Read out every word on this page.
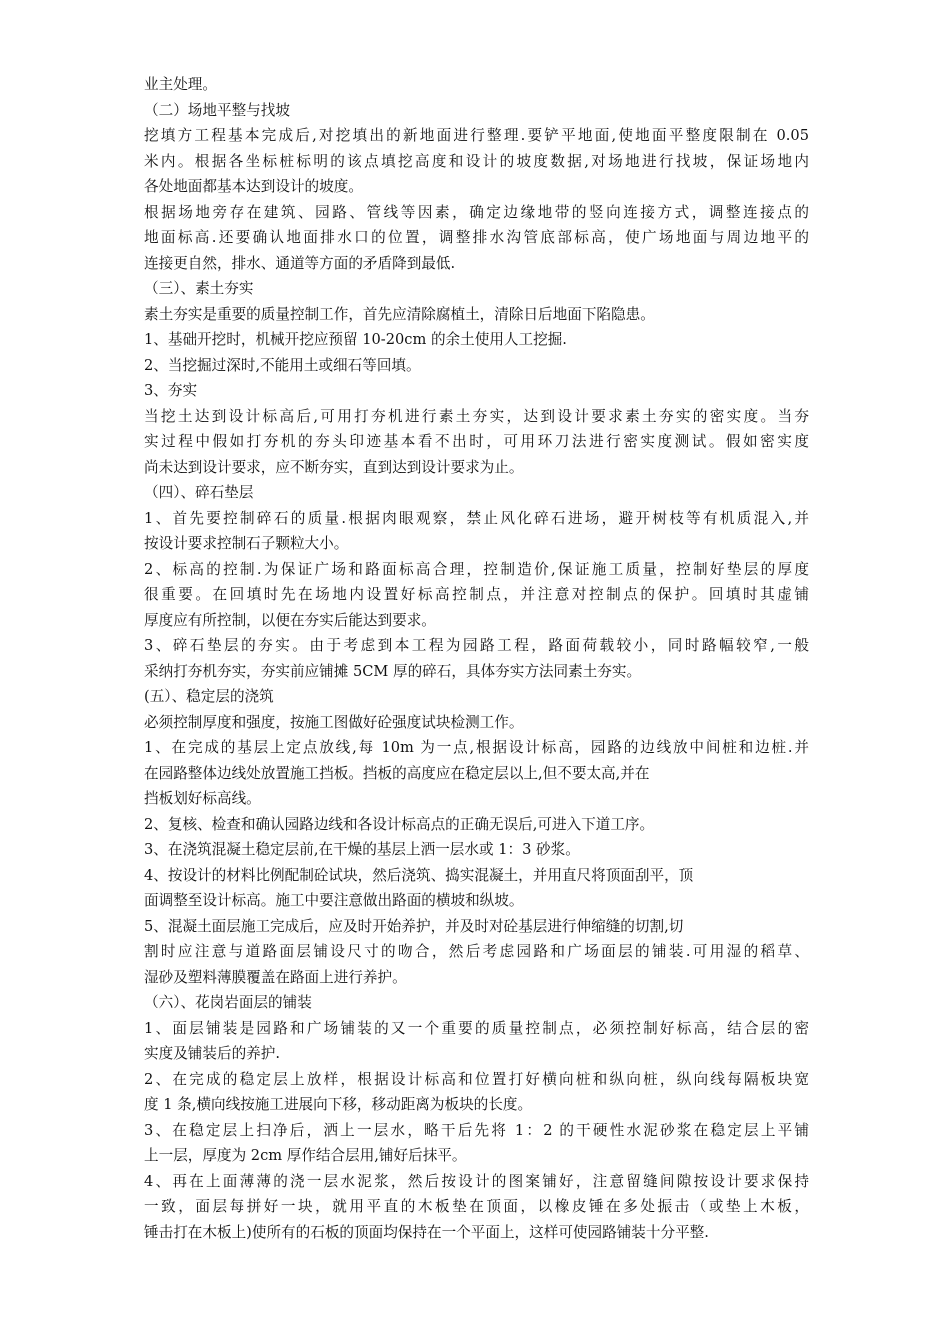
业主处理。
（二）场地平整与找坡
挖填方工程基本完成后,对挖填出的新地面进行整理.要铲平地面,使地面平整度限制在 0.05
米内。根据各坐标桩标明的该点填挖高度和设计的坡度数据,对场地进行找坡，保证场地内
各处地面都基本达到设计的坡度。
根据场地旁存在建筑、园路、管线等因素，确定边缘地带的竖向连接方式，调整连接点的
地面标高.还要确认地面排水口的位置，调整排水沟管底部标高，使广场地面与周边地平的
连接更自然，排水、通道等方面的矛盾降到最低.
（三）、素土夯实
素土夯实是重要的质量控制工作，首先应清除腐植土，清除日后地面下陷隐患。
1、基础开挖时，机械开挖应预留 10-20cm 的余土使用人工挖掘.
2、当挖掘过深时,不能用土或细石等回填。
3、夯实
当挖土达到设计标高后,可用打夯机进行素土夯实，达到设计要求素土夯实的密实度。当夯
实过程中假如打夯机的夯头印迹基本看不出时，可用环刀法进行密实度测试。假如密实度
尚未达到设计要求，应不断夯实，直到达到设计要求为止。
（四）、碎石垫层
1、首先要控制碎石的质量.根据肉眼观察，禁止风化碎石进场，避开树枝等有机质混入,并
按设计要求控制石子颗粒大小。
2、标高的控制.为保证广场和路面标高合理，控制造价,保证施工质量，控制好垫层的厚度
很重要。在回填时先在场地内设置好标高控制点，并注意对控制点的保护。回填时其虚铺
厚度应有所控制，以便在夯实后能达到要求。
3、碎石垫层的夯实。由于考虑到本工程为园路工程，路面荷载较小，同时路幅较窄,一般
采纳打夯机夯实，夯实前应铺摊 5CM 厚的碎石，具体夯实方法同素土夯实。
(五）、稳定层的浇筑
必须控制厚度和强度，按施工图做好砼强度试块检测工作。
1、在完成的基层上定点放线,每 10m 为一点,根据设计标高，园路的边线放中间桩和边桩.并
在园路整体边线处放置施工挡板。挡板的高度应在稳定层以上,但不要太高,并在
挡板划好标高线。
2、复核、检查和确认园路边线和各设计标高点的正确无误后,可进入下道工序。
3、在浇筑混凝土稳定层前,在干燥的基层上洒一层水或 1：3 砂浆。
4、按设计的材料比例配制砼试块，然后浇筑、捣实混凝土，并用直尺将顶面刮平，顶
面调整至设计标高。施工中要注意做出路面的横坡和纵坡。
5、混凝土面层施工完成后，应及时开始养护，并及时对砼基层进行伸缩缝的切割,切
割时应注意与道路面层铺设尺寸的吻合，然后考虑园路和广场面层的铺装.可用湿的稻草、
湿砂及塑料薄膜覆盖在路面上进行养护。
（六）、花岗岩面层的铺装
1、面层铺装是园路和广场铺装的又一个重要的质量控制点，必须控制好标高，结合层的密
实度及铺装后的养护.
2、在完成的稳定层上放样，根据设计标高和位置打好横向桩和纵向桩，纵向线每隔板块宽
度 1 条,横向线按施工进展向下移，移动距离为板块的长度。
3、在稳定层上扫净后，洒上一层水，略干后先将 1：2 的干硬性水泥砂浆在稳定层上平铺
上一层，厚度为 2cm 厚作结合层用,铺好后抹平。
4、再在上面薄薄的浇一层水泥浆，然后按设计的图案铺好，注意留缝间隙按设计要求保持
一致，面层每拼好一块，就用平直的木板垫在顶面，以橡皮锤在多处振击（或垫上木板，
锤击打在木板上)使所有的石板的顶面均保持在一个平面上，这样可使园路铺装十分平整.
